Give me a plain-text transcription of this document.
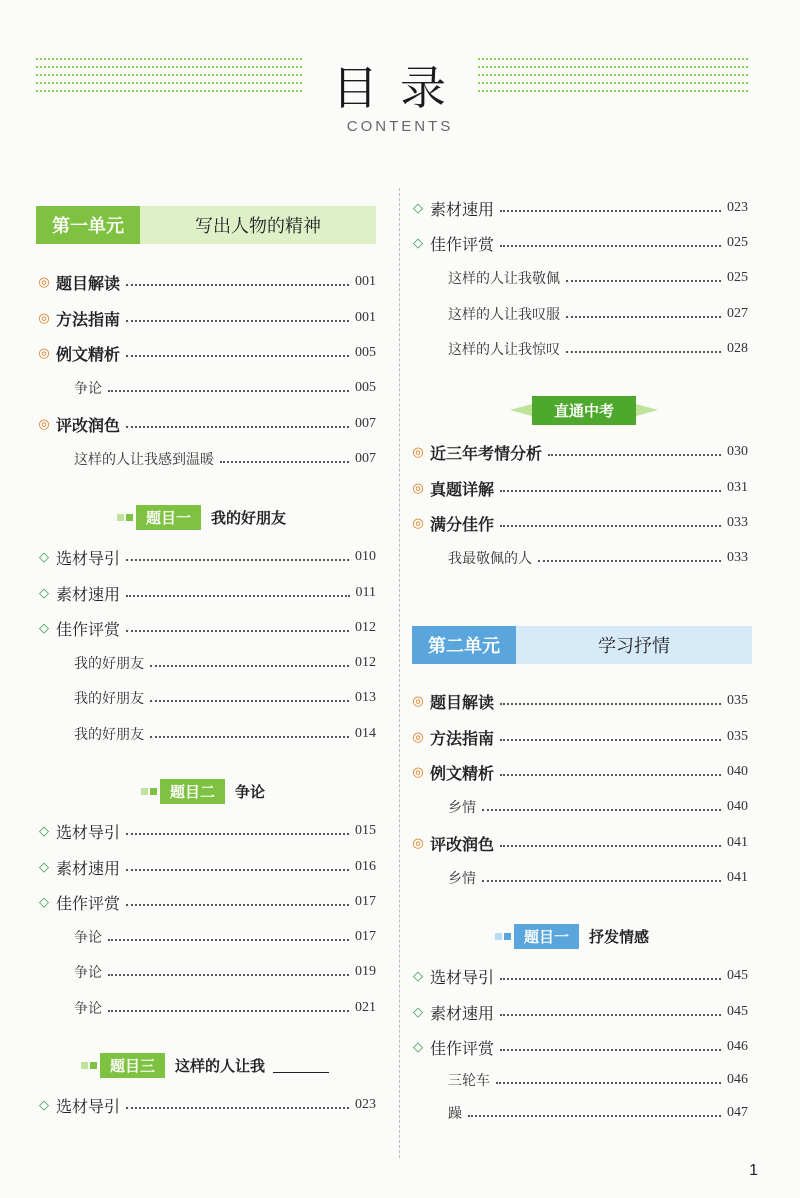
目录
CONTENTS
第一单元	写出人物的精神
◎ 题目解读	001
◎ 方法指南	001
◎ 例文精析	005
争论	005
◎ 评改润色	007
这样的人让我感到温暖	007
题目一	我的好朋友
◇ 选材导引	010
◇ 素材速用	011
◇ 佳作评赏	012
我的好朋友	012
我的好朋友	013
我的好朋友	014
题目二	争论
◇ 选材导引	015
◇ 素材速用	016
◇ 佳作评赏	017
争论	017
争论	019
争论	021
题目三	这样的人让我
◇ 选材导引	023
◇ 素材速用	023
◇ 佳作评赏	025
这样的人让我敬佩	025
这样的人让我叹服	027
这样的人让我惊叹	028
直通中考
◎ 近三年考情分析	030
◎ 真题详解	031
◎ 满分佳作	033
我最敬佩的人	033
第二单元	学习抒情
◎ 题目解读	035
◎ 方法指南	035
◎ 例文精析	040
乡情	040
◎ 评改润色	041
乡情	041
题目一	抒发情感
◇ 选材导引	045
◇ 素材速用	045
◇ 佳作评赏	046
三轮车	046
躁	047
1
